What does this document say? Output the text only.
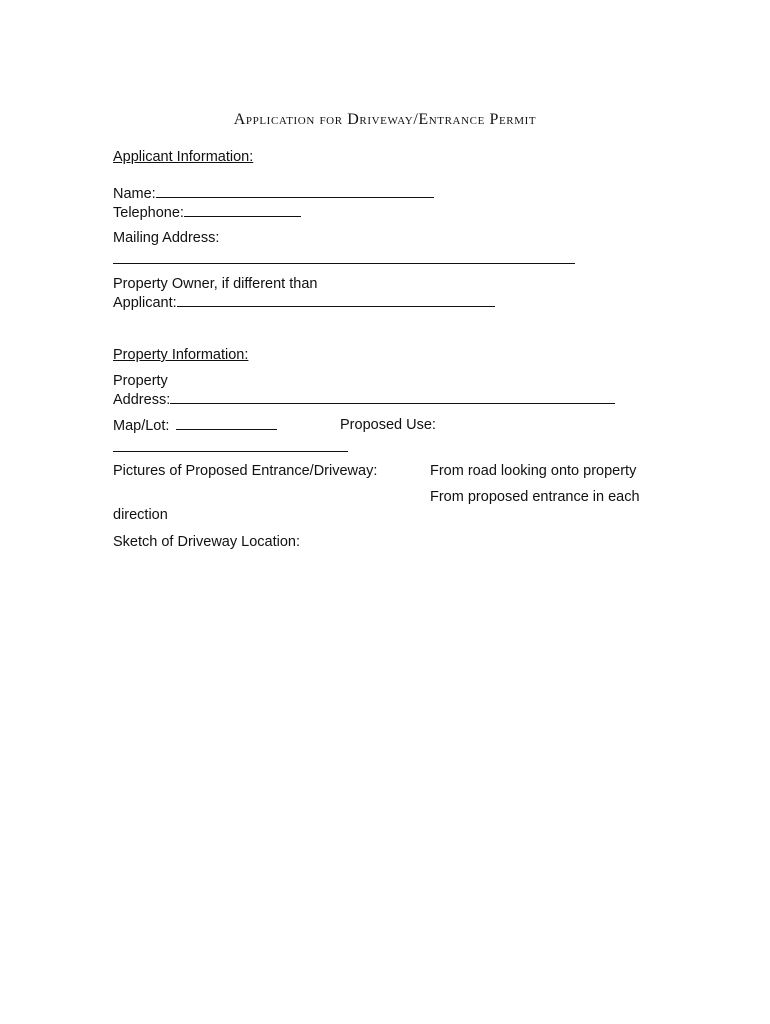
Application for Driveway/Entrance Permit
Applicant Information:
Name:
Telephone:
Mailing Address:
Property Owner, if different than
Applicant:
Property Information:
Property
Address:
Map/Lot:	Proposed Use:
Pictures of Proposed Entrance/Driveway:	From road looking onto property
From proposed entrance in each
direction
Sketch of Driveway Location:
